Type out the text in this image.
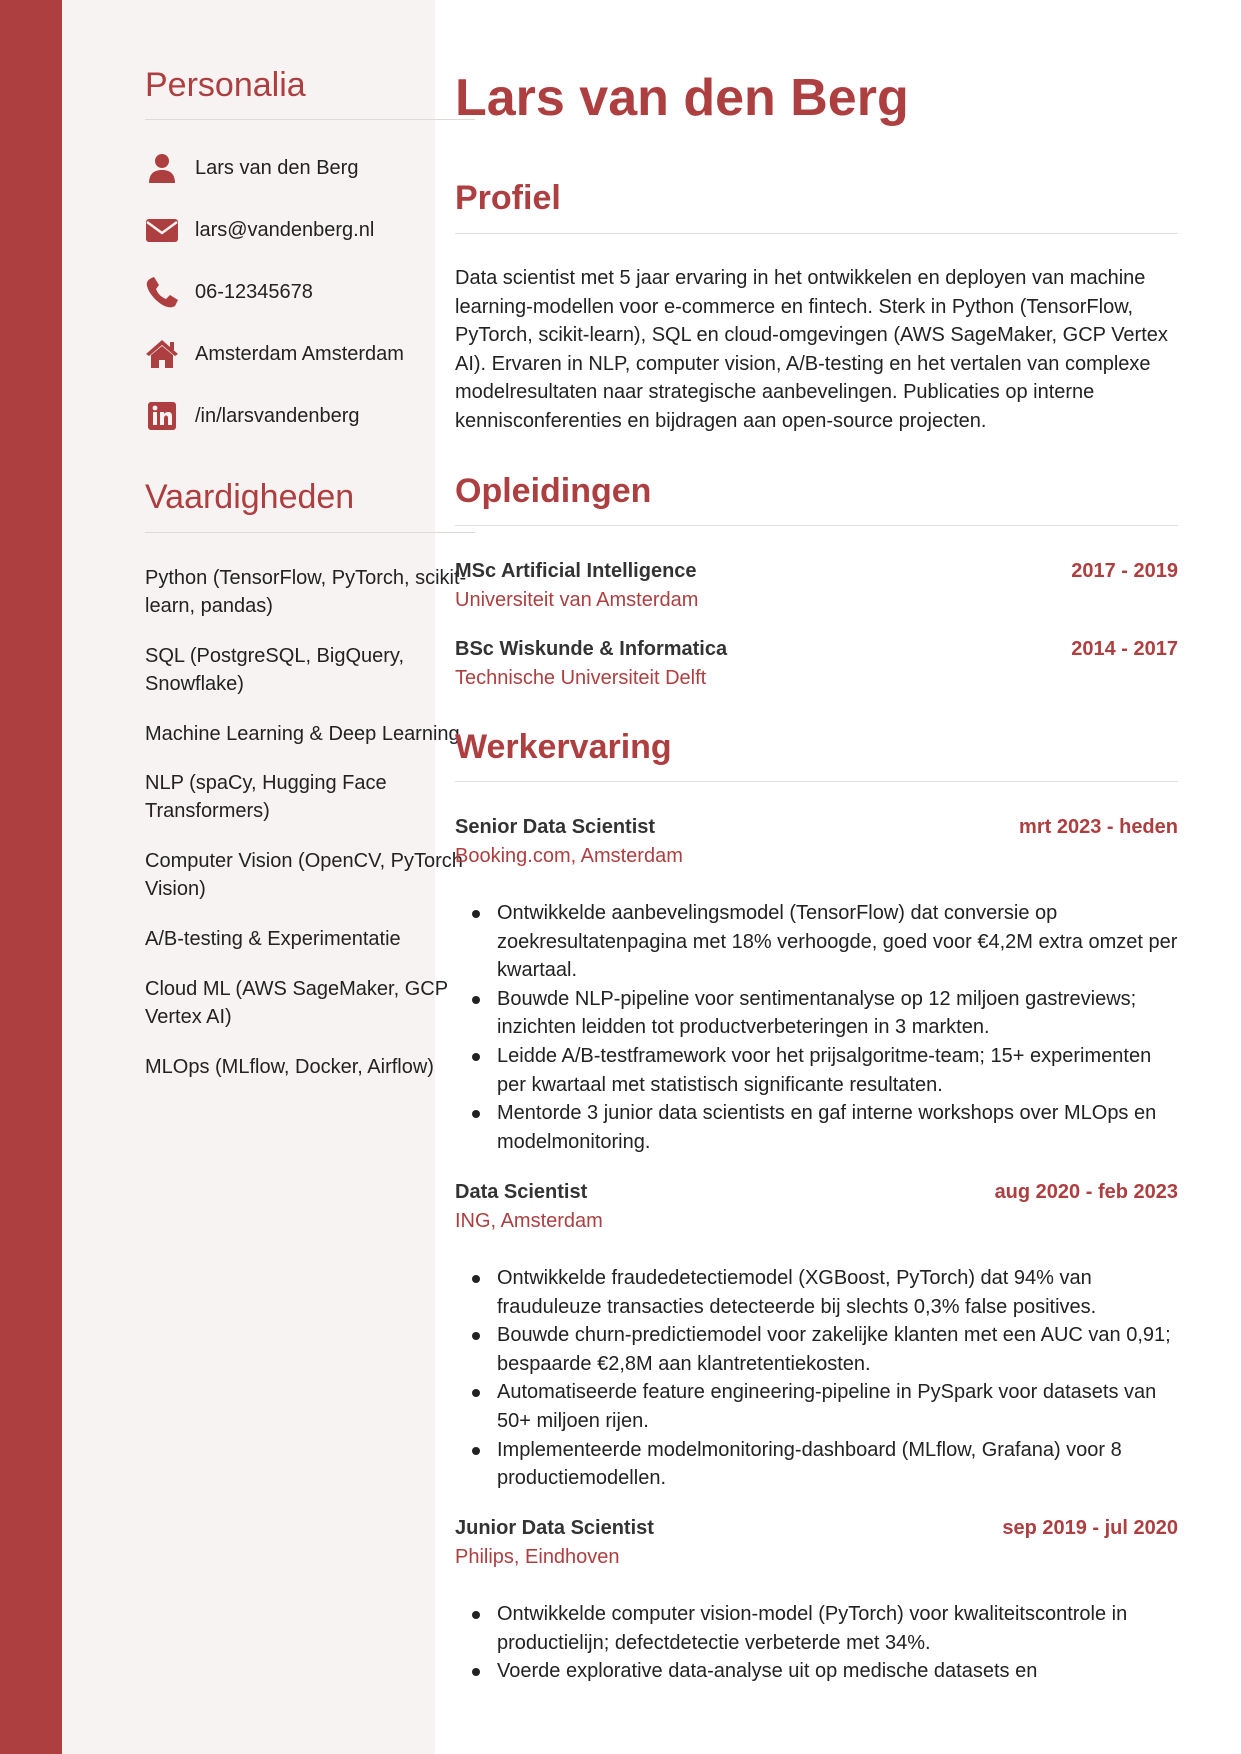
Personalia
Lars van den Berg
lars@vandenberg.nl
06-12345678
Amsterdam Amsterdam
/in/larsvandenberg
Vaardigheden
Python (TensorFlow, PyTorch, scikit-learn, pandas)
SQL (PostgreSQL, BigQuery, Snowflake)
Machine Learning & Deep Learning
NLP (spaCy, Hugging Face Transformers)
Computer Vision (OpenCV, PyTorch Vision)
A/B-testing & Experimentatie
Cloud ML (AWS SageMaker, GCP Vertex AI)
MLOps (MLflow, Docker, Airflow)
Lars van den Berg
Profiel

Data scientist met 5 jaar ervaring in het ontwikkelen en deployen van machine learning-modellen voor e-commerce en fintech. Sterk in Python (TensorFlow, PyTorch, scikit-learn), SQL en cloud-omgevingen (AWS SageMaker, GCP Vertex AI). Ervaren in NLP, computer vision, A/B-testing en het vertalen van complexe modelresultaten naar strategische aanbevelingen. Publicaties op interne kennisconferenties en bijdragen aan open-source projecten.

Opleidingen
MSc Artificial Intelligence	2017 - 2019
Universiteit van Amsterdam
BSc Wiskunde & Informatica	2014 - 2017
Technische Universiteit Delft
Werkervaring
Senior Data Scientist	mrt 2023 - heden
Booking.com, Amsterdam
Ontwikkelde aanbevelingsmodel (TensorFlow) dat conversie op zoekresultatenpagina met 18% verhoogde, goed voor €4,2M extra omzet per kwartaal.
Bouwde NLP-pipeline voor sentimentanalyse op 12 miljoen gastreviews; inzichten leidden tot productverbeteringen in 3 markten.
Leidde A/B-testframework voor het prijsalgoritme-team; 15+ experimenten per kwartaal met statistisch significante resultaten.
Mentorde 3 junior data scientists en gaf interne workshops over MLOps en modelmonitoring.
Data Scientist	aug 2020 - feb 2023
ING, Amsterdam
Ontwikkelde fraudedetectiemodel (XGBoost, PyTorch) dat 94% van frauduleuze transacties detecteerde bij slechts 0,3% false positives.
Bouwde churn-predictiemodel voor zakelijke klanten met een AUC van 0,91; bespaarde €2,8M aan klantretentiekosten.
Automatiseerde feature engineering-pipeline in PySpark voor datasets van 50+ miljoen rijen.
Implementeerde modelmonitoring-dashboard (MLflow, Grafana) voor 8 productiemodellen.
Junior Data Scientist	sep 2019 - jul 2020
Philips, Eindhoven
Ontwikkelde computer vision-model (PyTorch) voor kwaliteitscontrole in productielijn; defectdetectie verbeterde met 34%.
Voerde explorative data-analyse uit op medische datasets en
